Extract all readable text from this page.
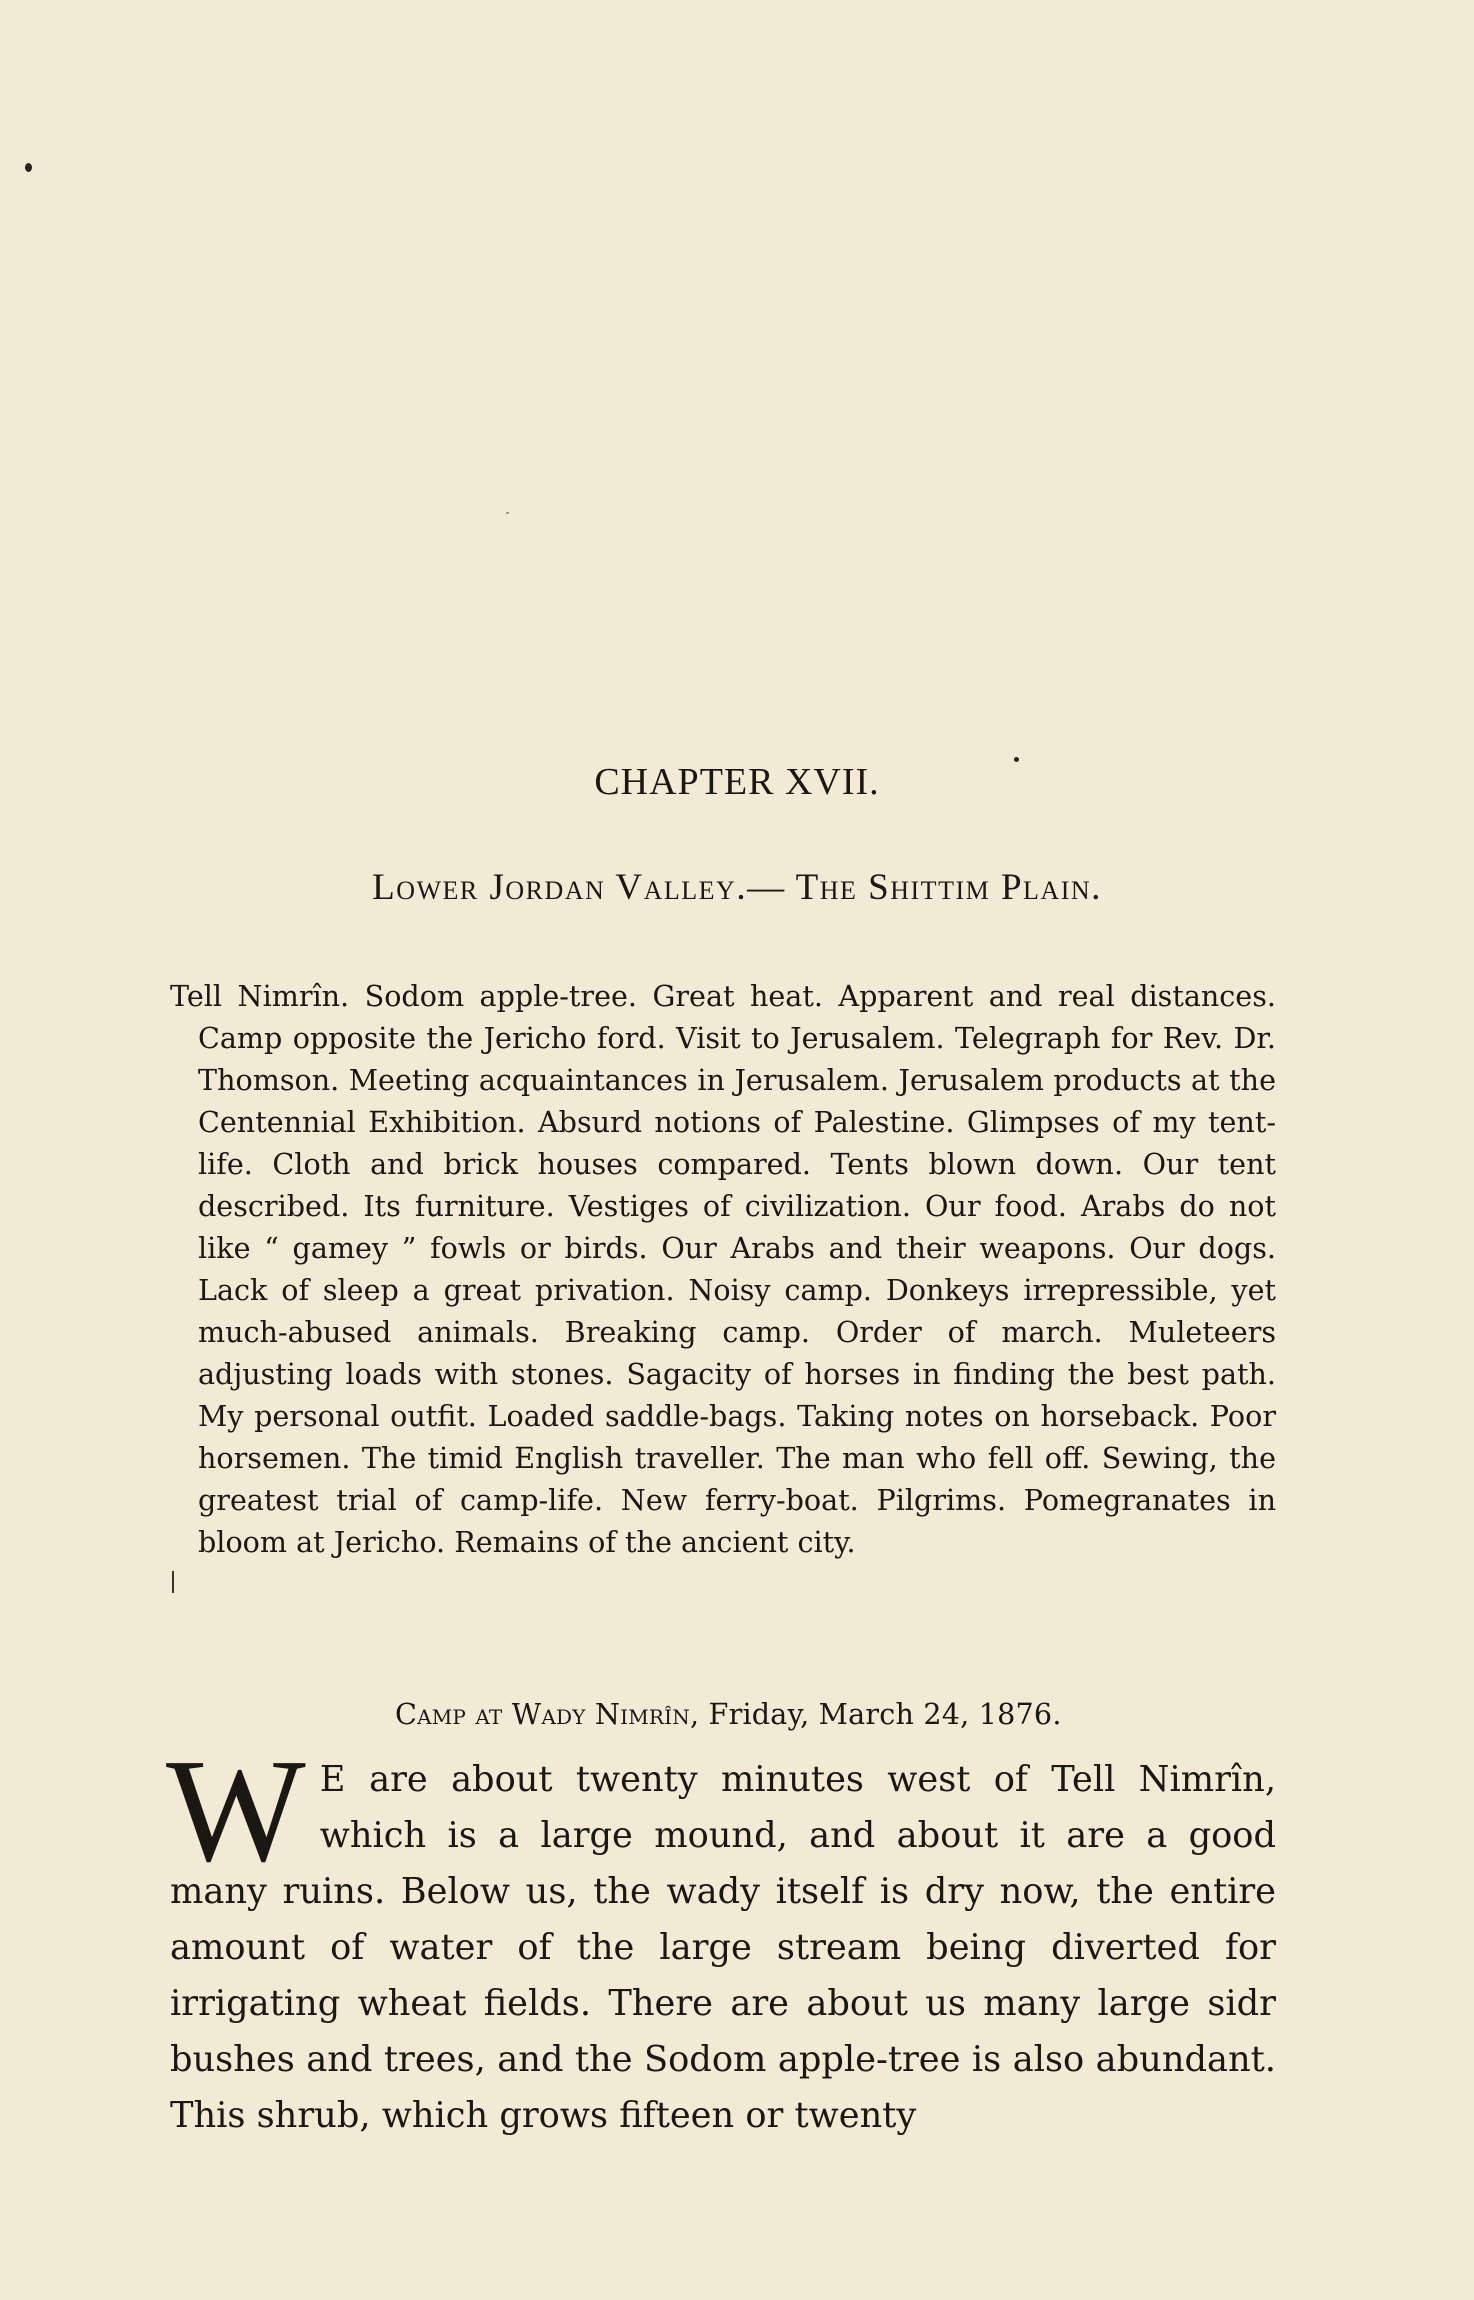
CHAPTER XVII.
Lower Jordan Valley.— The Shittim Plain.
Tell Nimrîn. Sodom apple-tree. Great heat. Apparent and real distances. Camp opposite the Jericho ford. Visit to Jerusalem. Telegraph for Rev. Dr. Thomson. Meeting acquaintances in Jerusalem. Jerusalem products at the Centennial Exhibition. Absurd notions of Palestine. Glimpses of my tent-life. Cloth and brick houses compared. Tents blown down. Our tent described. Its furniture. Vestiges of civilization. Our food. Arabs do not like “ gamey ” fowls or birds. Our Arabs and their weapons. Our dogs. Lack of sleep a great privation. Noisy camp. Donkeys irrepressible, yet much-abused animals. Breaking camp. Order of march. Muleteers adjusting loads with stones. Sagacity of horses in finding the best path. My personal outfit. Loaded saddle-bags. Taking notes on horseback. Poor horsemen. The timid English traveller. The man who fell off. Sewing, the greatest trial of camp-life. New ferry-boat. Pilgrims. Pomegranates in bloom at Jericho. Remains of the ancient city.
Camp at Wady Nimrîn, Friday, March 24, 1876.
W E are about twenty minutes west of Tell Nimrîn, which is a large mound, and about it are a good many ruins. Below us, the wady itself is dry now, the entire amount of water of the large stream being diverted for irrigating wheat fields. There are about us many large sidr bushes and trees, and the Sodom apple-tree is also abundant. This shrub, which grows fifteen or twenty
